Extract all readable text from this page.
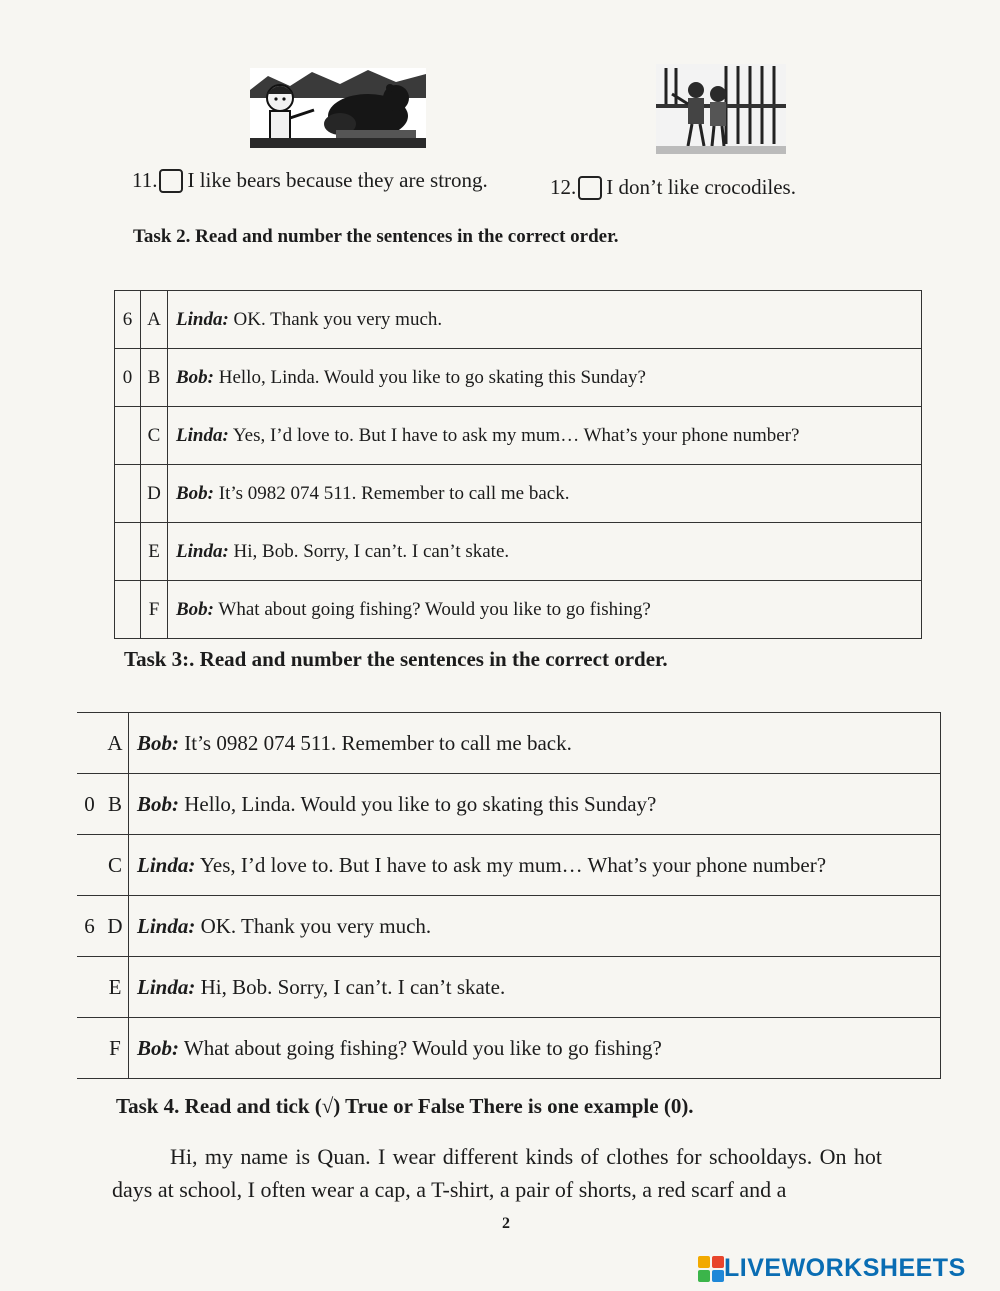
11. I like bears because they are strong.	12. I don’t like crocodiles.
Task 2. Read and number the sentences in the correct order.
6	A	Linda: OK. Thank you very much.
0	B	Bob: Hello, Linda. Would you like to go skating this Sunday?
	C	Linda: Yes, I’d love to. But I have to ask my mum… What’s your phone number?
	D	Bob: It’s 0982 074 511. Remember to call me back.
	E	Linda: Hi, Bob. Sorry, I can’t. I can’t skate.
	F	Bob: What about going fishing? Would you like to go fishing?
Task 3:. Read and number the sentences in the correct order.
	A	Bob: It’s 0982 074 511. Remember to call me back.
0	B	Bob: Hello, Linda. Would you like to go skating this Sunday?
	C	Linda: Yes, I’d love to. But I have to ask my mum… What’s your phone number?
6	D	Linda: OK. Thank you very much.
	E	Linda: Hi, Bob. Sorry, I can’t. I can’t skate.
	F	Bob: What about going fishing? Would you like to go fishing?
Task 4. Read and tick (√) True or False There is one example (0).
Hi, my name is Quan. I wear different kinds of clothes for schooldays. On hot days at school, I often wear a cap, a T-shirt, a pair of shorts, a red scarf and a
2
LIVEWORKSHEETS
